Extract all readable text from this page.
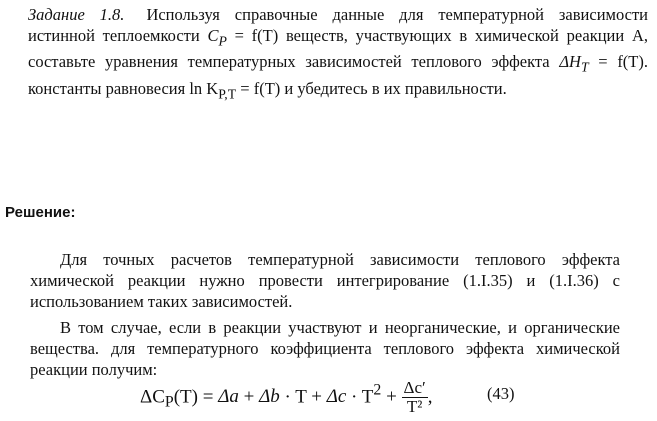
Задание 1.8. Используя справочные данные для температурной зависимости истинной теплоемкости $C_P = f(T)$ веществ, участвующих в химической реакции А, составьте уравнения температурных зависимостей теплового эффекта $\Delta H_T = f(T)$. константы равновесия $\ln K_{P,T} = f(T)$ и убедитесь в их правильности.
Решение:

Для точных расчетов температурной зависимости теплового эффекта химической реакции нужно провести интегрирование (1.I.35) и (1.I.36) с использованием таких зависимостей.

В том случае, если в реакции участвуют и неорганические, и органические вещества. для температурного коэффициента теплового эффекта химической реакции получим:

$\Delta C_P(T) = \Delta a + \Delta b \cdot T + \Delta c \cdot T^2 + \frac{\Delta c'}{\text{T²}}$ ,	(43)
